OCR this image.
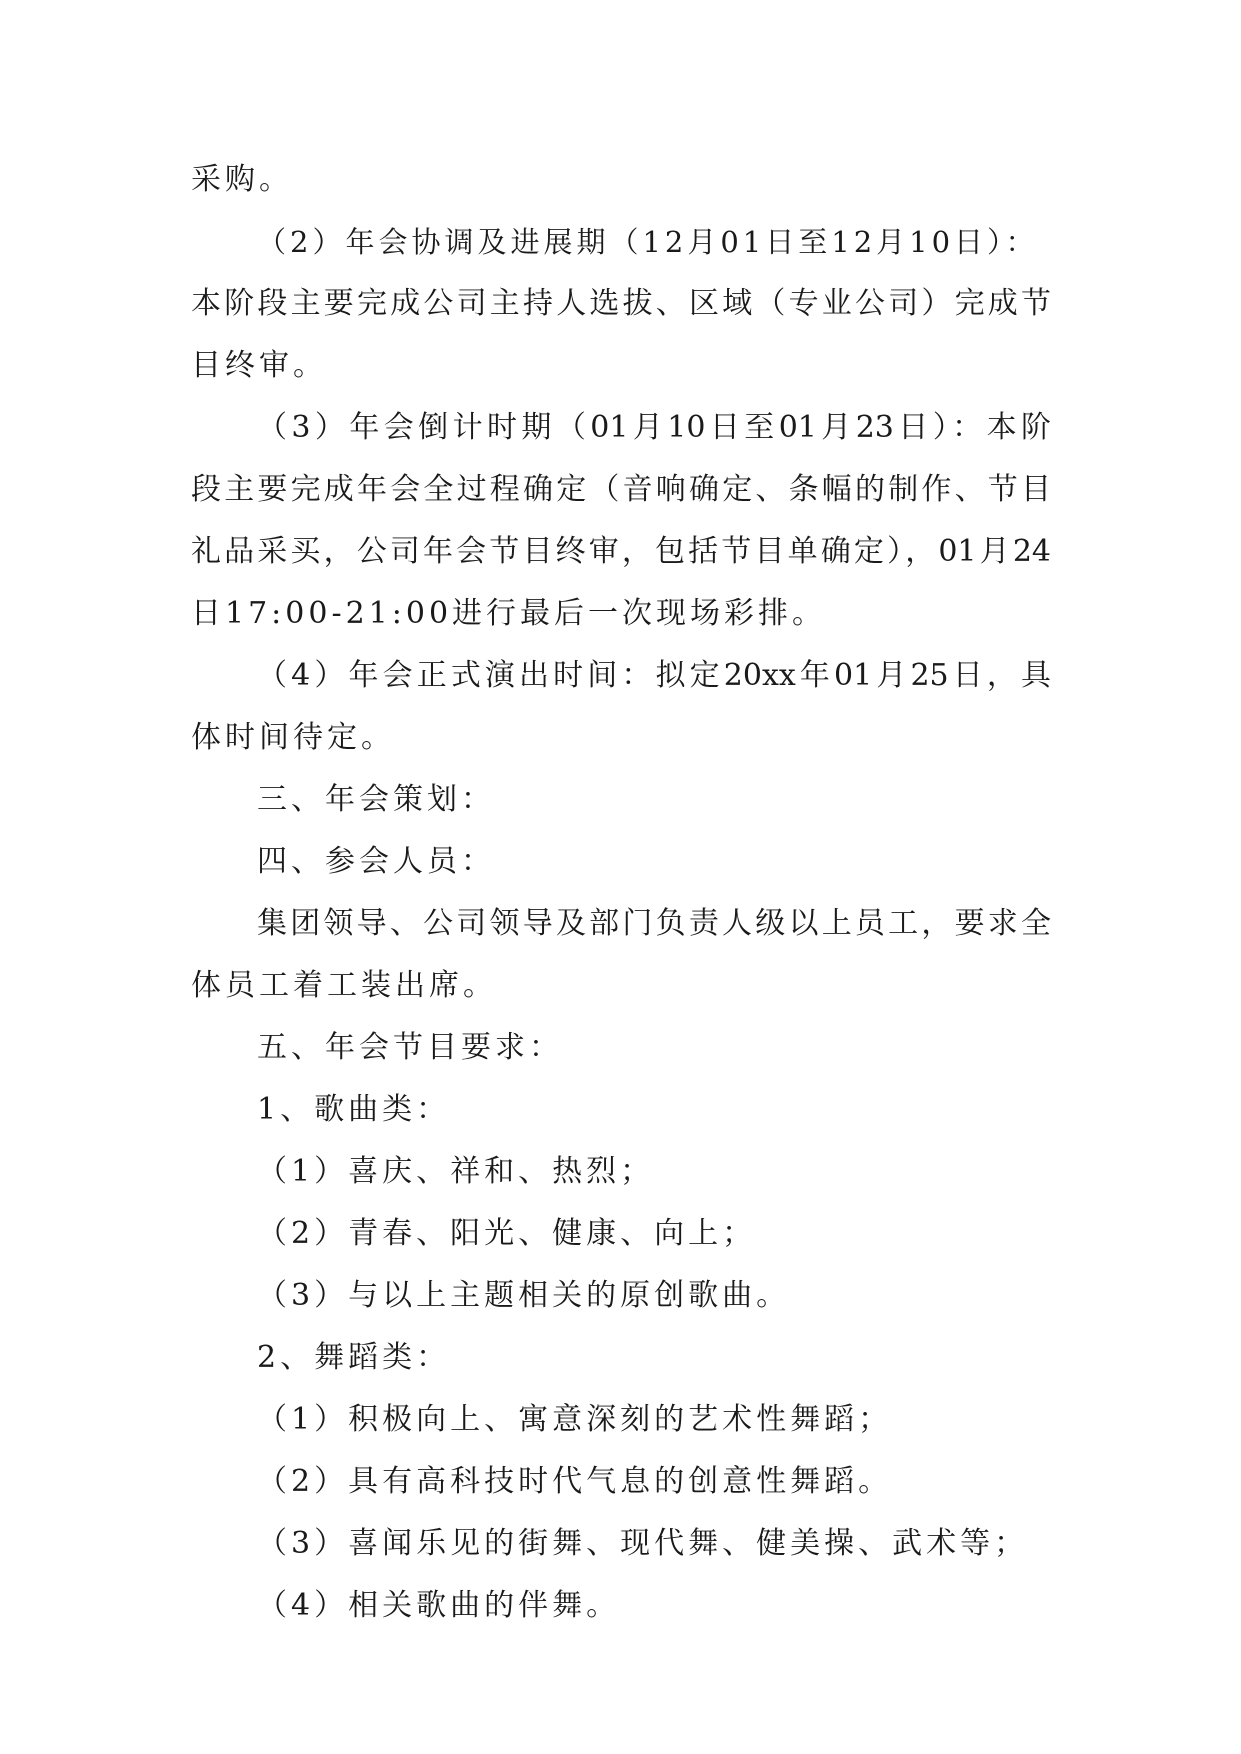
采购。
（2）年会协调及进展期（12月01日至12月10日）：
本阶段主要完成公司主持人选拔、区域（专业公司）完成节
目终审。
（3）年会倒计时期（01月10日至01月23日）：本阶
段主要完成年会全过程确定（音响确定、条幅的制作、节目
礼品采买，公司年会节目终审，包括节目单确定），01月24
日17:00-21:00进行最后一次现场彩排。
（4）年会正式演出时间：拟定20xx年01月25日，具
体时间待定。
三、年会策划：
四、参会人员：
集团领导、公司领导及部门负责人级以上员工，要求全
体员工着工装出席。
五、年会节目要求：
1、歌曲类：
（1）喜庆、祥和、热烈；
（2）青春、阳光、健康、向上；
（3）与以上主题相关的原创歌曲。
2、舞蹈类：
（1）积极向上、寓意深刻的艺术性舞蹈；
（2）具有高科技时代气息的创意性舞蹈。
（3）喜闻乐见的街舞、现代舞、健美操、武术等；
（4）相关歌曲的伴舞。
